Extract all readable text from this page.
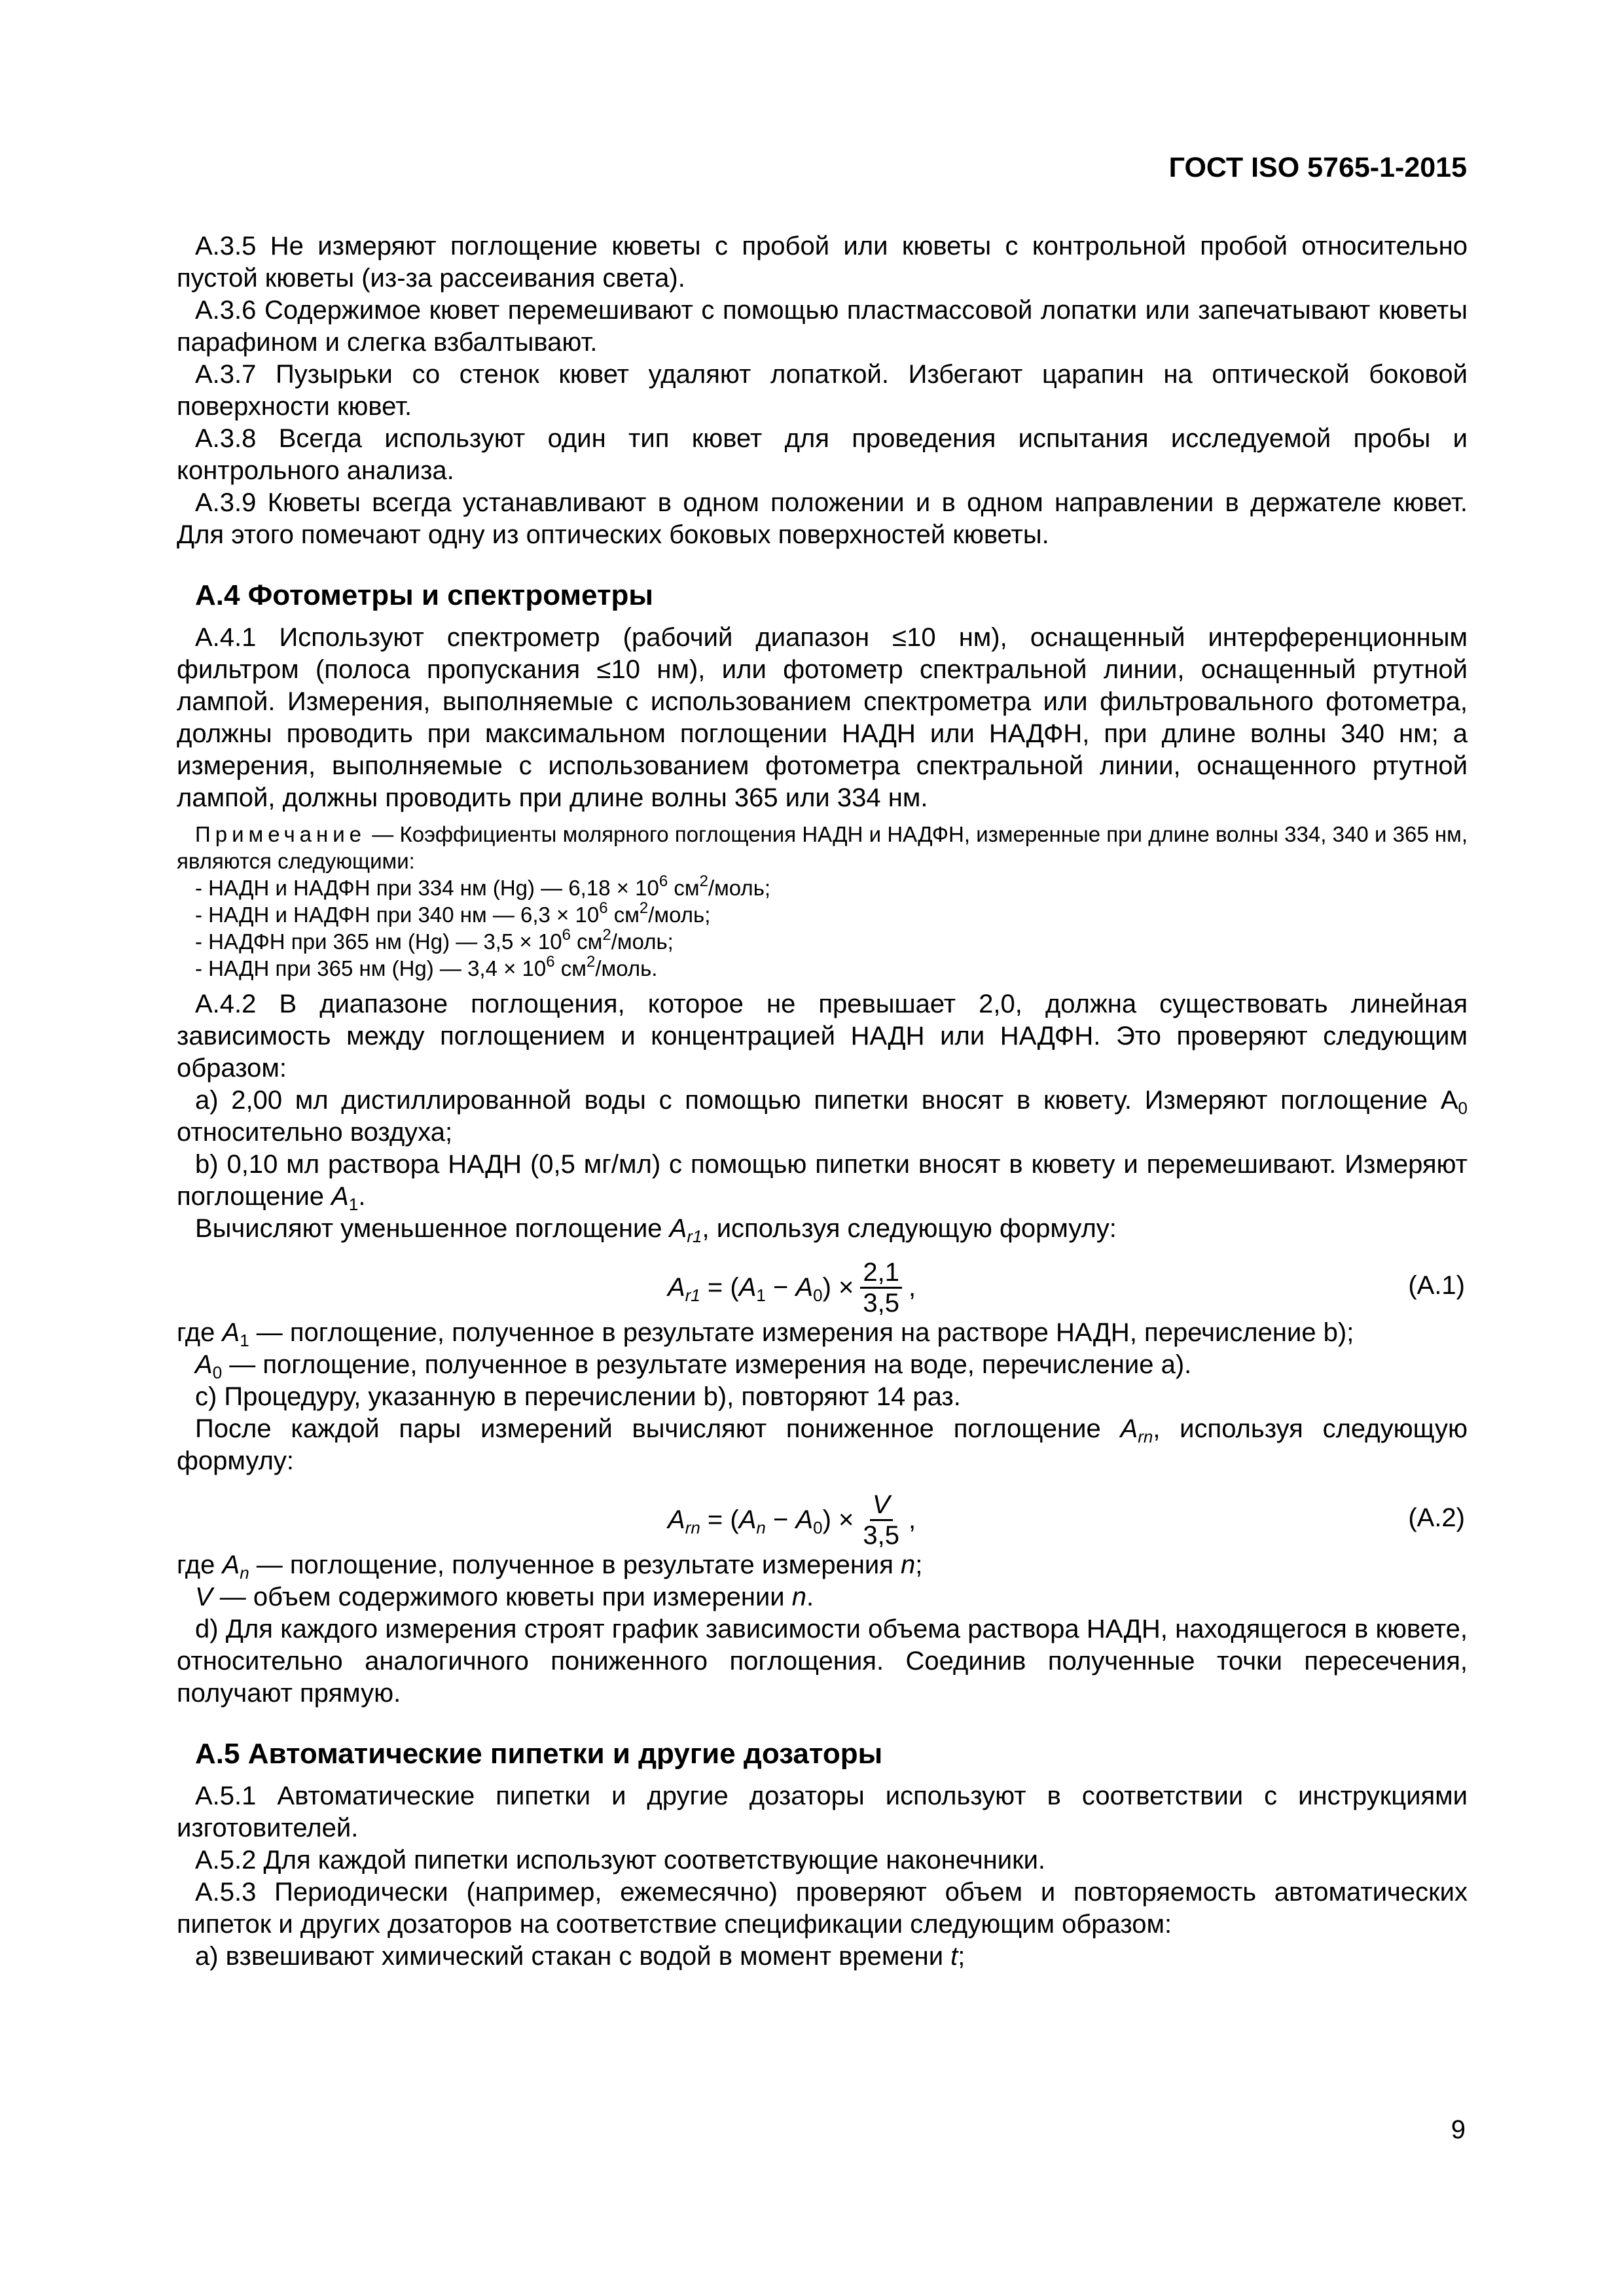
ГОСТ ISO 5765-1-2015

A.3.5 Не измеряют поглощение кюветы с пробой или кюветы с контрольной пробой относительно пустой кюветы (из-за рассеивания света).

A.3.6 Содержимое кювет перемешивают с помощью пластмассовой лопатки или запечатывают кюветы парафином и слегка взбалтывают.

A.3.7 Пузырьки со стенок кювет удаляют лопаткой. Избегают царапин на оптической боковой поверхности кювет.

A.3.8 Всегда используют один тип кювет для проведения испытания исследуемой пробы и контрольного анализа.

A.3.9 Кюветы всегда устанавливают в одном положении и в одном направлении в держателе кювет. Для этого помечают одну из оптических боковых поверхностей кюветы.

A.4 Фотометры и спектрометры

A.4.1 Используют спектрометр (рабочий диапазон ≤10 нм), оснащенный интерференционным фильтром (полоса пропускания ≤10 нм), или фотометр спектральной линии, оснащенный ртутной лампой. Измерения, выполняемые с использованием спектрометра или фильтровального фотометра, должны проводить при максимальном поглощении НАДН или НАДФН, при длине волны 340 нм; а измерения, выполняемые с использованием фотометра спектральной линии, оснащенного ртутной лампой, должны проводить при длине волны 365 или 334 нм.

Примечание — Коэффициенты молярного поглощения НАДН и НАДФН, измеренные при длине волны 334, 340 и 365 нм, являются следующими:

- НАДН и НАДФН при 334 нм (Hg) — $6,18 \times 10^6$ $см^2$/моль;
- НАДН и НАДФН при 340 нм — $6,3 \times 10^6$ $см^2$/моль;
- НАДФН при 365 нм (Hg) — $3,5 \times 10^6$ $см^2$/моль;
- НАДН при 365 нм (Hg) — $3,4 \times 10^6$ $см^2$/моль.

A.4.2 В диапазоне поглощения, которое не превышает 2,0, должна существовать линейная зависимость между поглощением и концентрацией НАДН или НАДФН. Это проверяют следующим образом:

a) 2,00 мл дистиллированной воды с помощью пипетки вносят в кювету. Измеряют поглощение $A_0$ относительно воздуха;

b) 0,10 мл раствора НАДН (0,5 мг/мл) с помощью пипетки вносят в кювету и перемешивают. Измеряют поглощение $A_1$.

Вычисляют уменьшенное поглощение $A_{r1}$, используя следующую формулу:

$A_{r1} = (A_1 - A_0) \times \frac{2,1}{3,5}$ ,	(A.1)

где $A_1$ — поглощение, полученное в результате измерения на растворе НАДН, перечисление b);

$A_0$ — поглощение, полученное в результате измерения на воде, перечисление a).

c) Процедуру, указанную в перечислении b), повторяют 14 раз.

После каждой пары измерений вычисляют пониженное поглощение $A_{rn}$, используя следующую формулу:

$A_{rn} = (A_n - A_0) \times \frac{V}{3,5}$ ,	(A.2)

где $A_n$ — поглощение, полученное в результате измерения n;

V — объем содержимого кюветы при измерении n.

d) Для каждого измерения строят график зависимости объема раствора НАДН, находящегося в кювете, относительно аналогичного пониженного поглощения. Соединив полученные точки пересечения, получают прямую.

A.5 Автоматические пипетки и другие дозаторы

A.5.1 Автоматические пипетки и другие дозаторы используют в соответствии с инструкциями изготовителей.

A.5.2 Для каждой пипетки используют соответствующие наконечники.

A.5.3 Периодически (например, ежемесячно) проверяют объем и повторяемость автоматических пипеток и других дозаторов на соответствие спецификации следующим образом:

a) взвешивают химический стакан с водой в момент времени t;

9
